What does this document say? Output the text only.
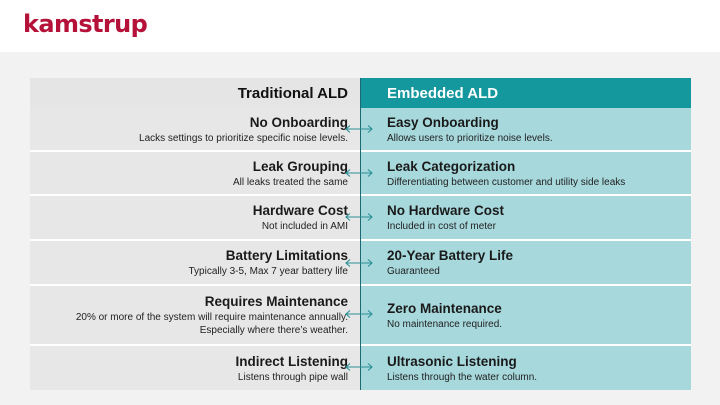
kamstrup
Traditional ALD	Embedded ALD
No Onboarding
Lacks settings to prioritize specific noise levels.
Easy Onboarding
Allows users to prioritize noise levels.
Leak Grouping
All leaks treated the same
Leak Categorization
Differentiating between customer and utility side leaks
Hardware Cost
Not included in AMI
No Hardware Cost
Included in cost of meter
Battery Limitations
Typically 3-5, Max 7 year battery life
20-Year Battery Life
Guaranteed
Requires Maintenance
20% or more of the system will require maintenance annually. Especially where there’s weather.
Zero Maintenance
No maintenance required.
Indirect Listening
Listens through pipe wall
Ultrasonic Listening
Listens through the water column.
